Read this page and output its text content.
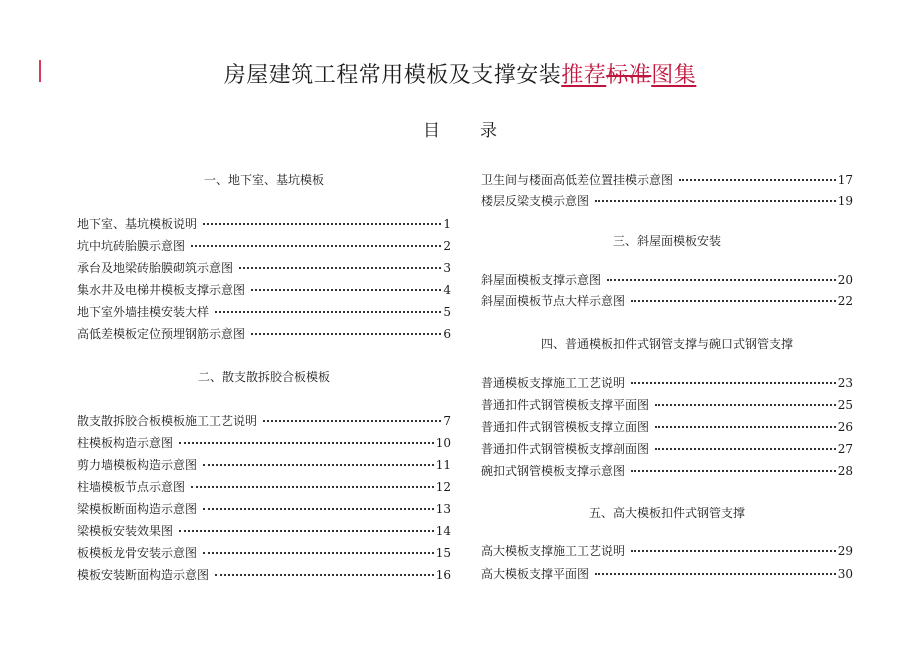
房屋建筑工程常用模板及支撑安装推荐标准图集
目录
一、地下室、基坑模板
地下室、基坑模板说明	1
坑中坑砖胎膜示意图	2
承台及地梁砖胎膜砌筑示意图	3
集水井及电梯井模板支撑示意图	4
地下室外墙挂模安装大样	5
高低差模板定位预埋钢筋示意图	6
二、散支散拆胶合板模板
散支散拆胶合板模板施工工艺说明	7
柱模板构造示意图	10
剪力墙模板构造示意图	11
柱墙模板节点示意图	12
梁模板断面构造示意图	13
梁模板安装效果图	14
板模板龙骨安装示意图	15
模板安装断面构造示意图	16
卫生间与楼面高低差位置挂模示意图	17
楼层反梁支模示意图	19
三、斜屋面模板安装
斜屋面模板支撑示意图	20
斜屋面模板节点大样示意图	22
四、普通模板扣件式钢管支撑与碗口式钢管支撑
普通模板支撑施工工艺说明	23
普通扣件式钢管模板支撑平面图	25
普通扣件式钢管模板支撑立面图	26
普通扣件式钢管模板支撑剖面图	27
碗扣式钢管模板支撑示意图	28
五、高大模板扣件式钢管支撑
高大模板支撑施工工艺说明	29
高大模板支撑平面图	30
